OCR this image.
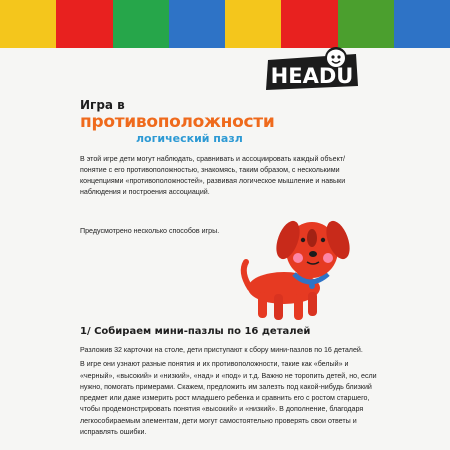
HEADU
Игра в
противоположности
логический пазл

В этой игре дети могут наблюдать, сравнивать и ассоциировать каждый объект/понятие с его противоположностью, знакомясь, таким образом, с несколькими концепциями «противоположностей», развивая логическое мышление и навыки наблюдения и построения ассоциаций.

Предусмотрено несколько способов игры.

1/ Собираем мини-пазлы по 16 деталей

Разложив 32 карточки на столе, дети приступают к сбору мини-пазлов по 16 деталей.

В игре они узнают разные понятия и их противоположности, такие как «белый» и «черный», «высокий» и «низкий», «над» и «под» и т.д. Важно не торопить детей, но, если нужно, помогать примерами. Скажем, предложить им залезть под какой-нибудь близкий предмет или даже измерить рост младшего ребенка и сравнить его с ростом старшего, чтобы продемонстрировать понятия «высокий» и «низкий». В дополнение, благодаря легкособираемым элементам, дети могут самостоятельно проверять свои ответы и исправлять ошибки.
